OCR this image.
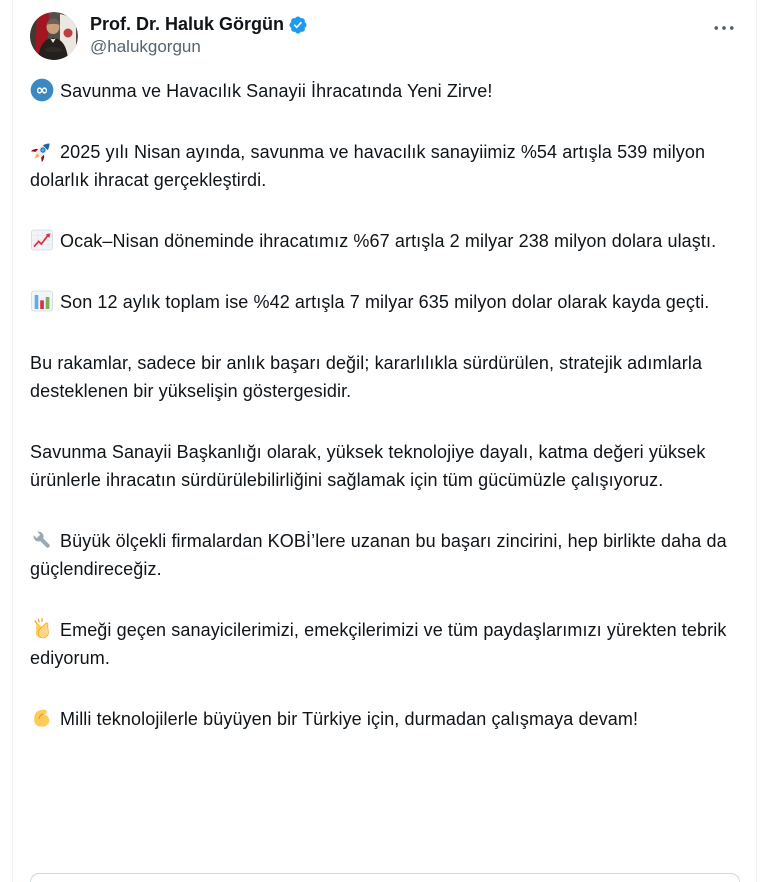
Prof. Dr. Haluk Görgün
@halukgorgun

∞ Savunma ve Havacılık Sanayii İhracatında Yeni Zirve!

2025 yılı Nisan ayında, savunma ve havacılık sanayiimiz %54 artışla 539 milyon dolarlık ihracat gerçekleştirdi.

Ocak–Nisan döneminde ihracatımız %67 artışla 2 milyar 238 milyon dolara ulaştı.

Son 12 aylık toplam ise %42 artışla 7 milyar 635 milyon dolar olarak kayda geçti.

Bu rakamlar, sadece bir anlık başarı değil; kararlılıkla sürdürülen, stratejik adımlarla desteklenen bir yükselişin göstergesidir.

Savunma Sanayii Başkanlığı olarak, yüksek teknolojiye dayalı, katma değeri yüksek ürünlerle ihracatın sürdürülebilirliğini sağlamak için tüm gücümüzle çalışıyoruz.

Büyük ölçekli firmalardan KOBİ’lere uzanan bu başarı zincirini, hep birlikte daha da güçlendireceğiz.

Emeği geçen sanayicilerimizi, emekçilerimizi ve tüm paydaşlarımızı yürekten tebrik ediyorum.

Milli teknolojilerle büyüyen bir Türkiye için, durmadan çalışmaya devam!
